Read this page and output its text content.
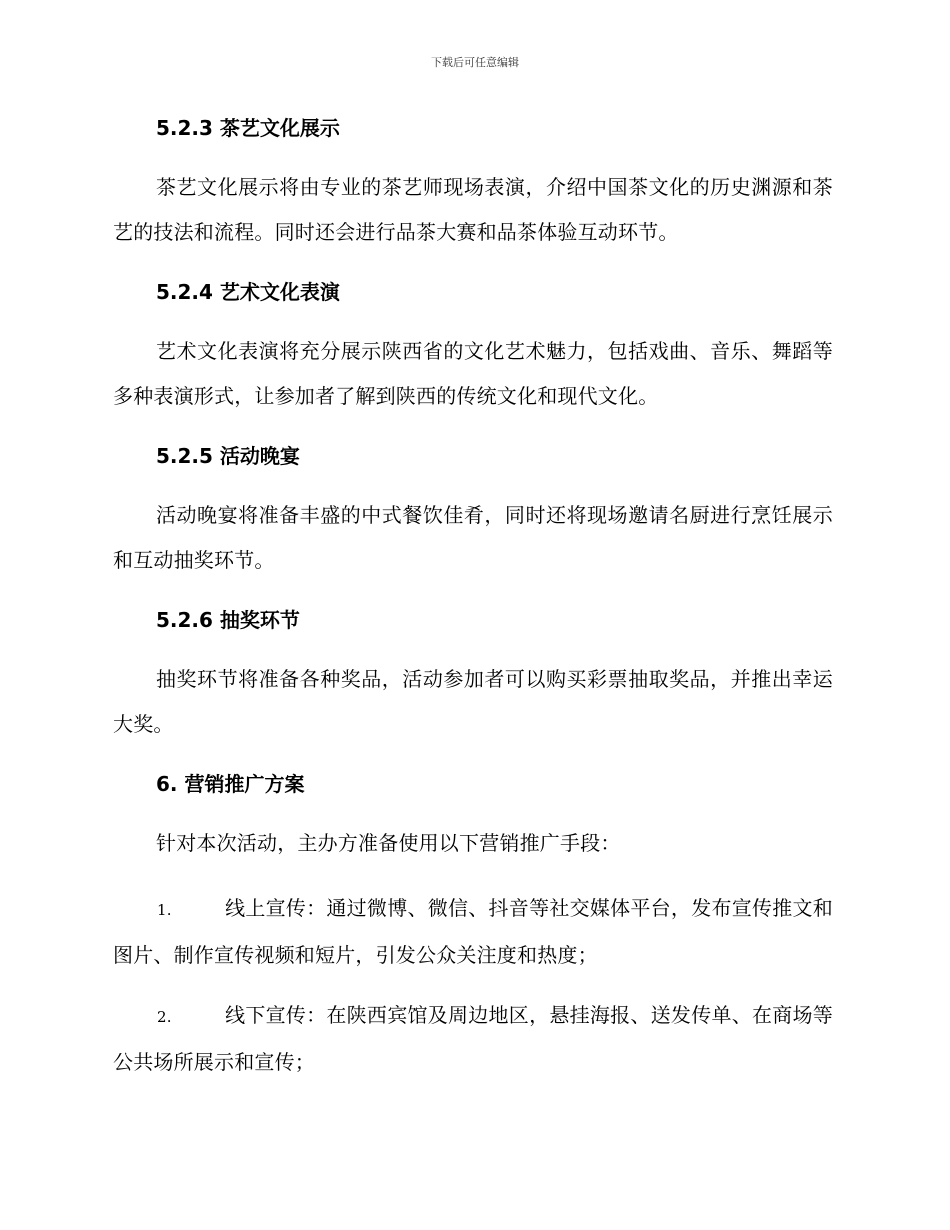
下载后可任意编辑
5.2.3 茶艺文化展示
茶艺文化展示将由专业的茶艺师现场表演，介绍中国茶文化的历史渊源和茶艺的技法和流程。同时还会进行品茶大赛和品茶体验互动环节。
5.2.4 艺术文化表演
艺术文化表演将充分展示陕西省的文化艺术魅力，包括戏曲、音乐、舞蹈等多种表演形式，让参加者了解到陕西的传统文化和现代文化。
5.2.5 活动晚宴
活动晚宴将准备丰盛的中式餐饮佳肴，同时还将现场邀请名厨进行烹饪展示和互动抽奖环节。
5.2.6 抽奖环节
抽奖环节将准备各种奖品，活动参加者可以购买彩票抽取奖品，并推出幸运大奖。
6. 营销推广方案
针对本次活动，主办方准备使用以下营销推广手段：
1.	线上宣传：通过微博、微信、抖音等社交媒体平台，发布宣传推文和图片、制作宣传视频和短片，引发公众关注度和热度；
2.	线下宣传：在陕西宾馆及周边地区，悬挂海报、送发传单、在商场等公共场所展示和宣传；
